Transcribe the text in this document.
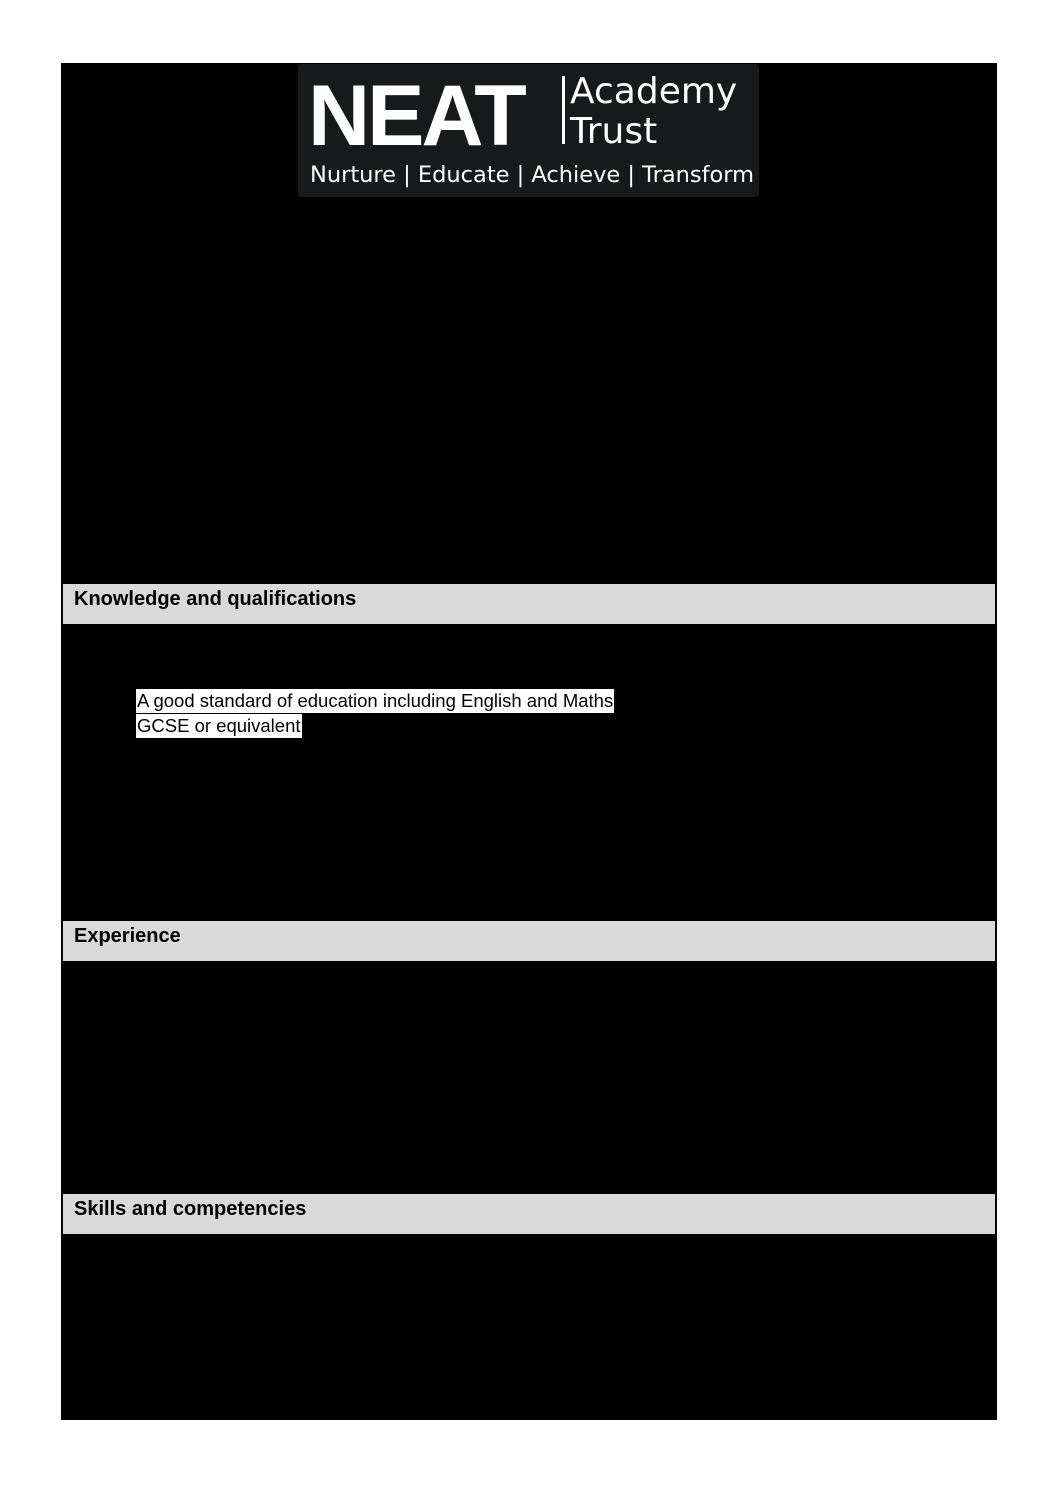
NEAT Academy
Trust
Nurture | Educate | Achieve | Transform
Knowledge and qualifications
A good standard of education including English and Maths
GCSE or equivalent
Experience
Skills and competencies
